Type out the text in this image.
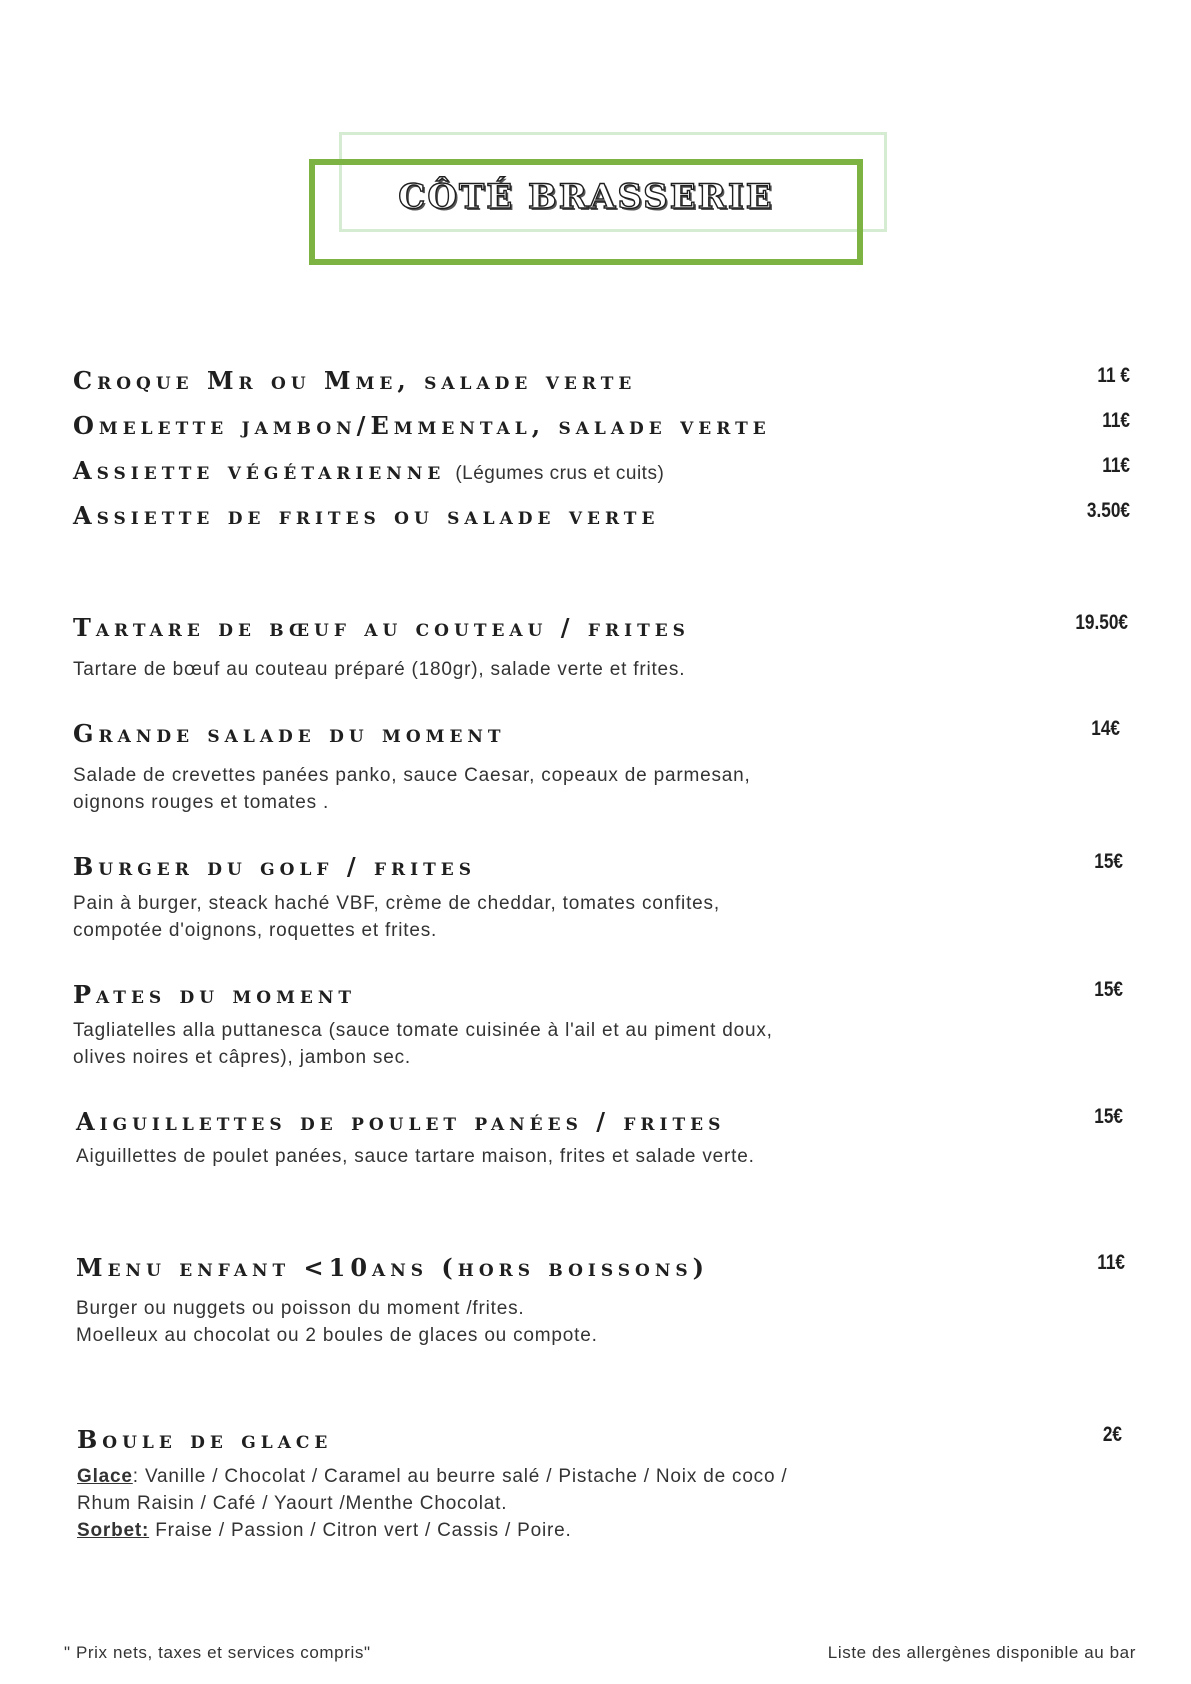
CÔTÉ BRASSERIE
Croque Mr ou Mme, salade verte	11 €
Omelette jambon/Emmental, salade verte	11€
Assiette végétarienne (Légumes crus et cuits)	11€
Assiette de frites ou salade verte	3.50€
Tartare de bœuf au couteau / frites	19.50€
Tartare de bœuf au couteau préparé (180gr), salade verte et frites.
Grande salade du moment	14€
Salade de crevettes panées panko, sauce Caesar, copeaux de parmesan,
oignons rouges et tomates .
Burger du golf / frites	15€
Pain à burger, steack haché VBF, crème de cheddar, tomates confites,
compotée d'oignons, roquettes et frites.
Pates du moment	15€
Tagliatelles alla puttanesca (sauce tomate cuisinée à l'ail et au piment doux,
olives noires et câpres), jambon sec.
Aiguillettes de poulet panées / frites	15€
Aiguillettes de poulet panées, sauce tartare maison, frites et salade verte.
Menu enfant <10ans (hors boissons)	11€
Burger ou nuggets ou poisson du moment /frites.
Moelleux au chocolat ou 2 boules de glaces ou compote.
Boule de glace	2€
Glace: Vanille / Chocolat / Caramel au beurre salé / Pistache / Noix de coco /
Rhum Raisin / Café / Yaourt /Menthe Chocolat.
Sorbet: Fraise / Passion / Citron vert / Cassis / Poire.
" Prix nets, taxes et services compris"	Liste des allergènes disponible au bar
